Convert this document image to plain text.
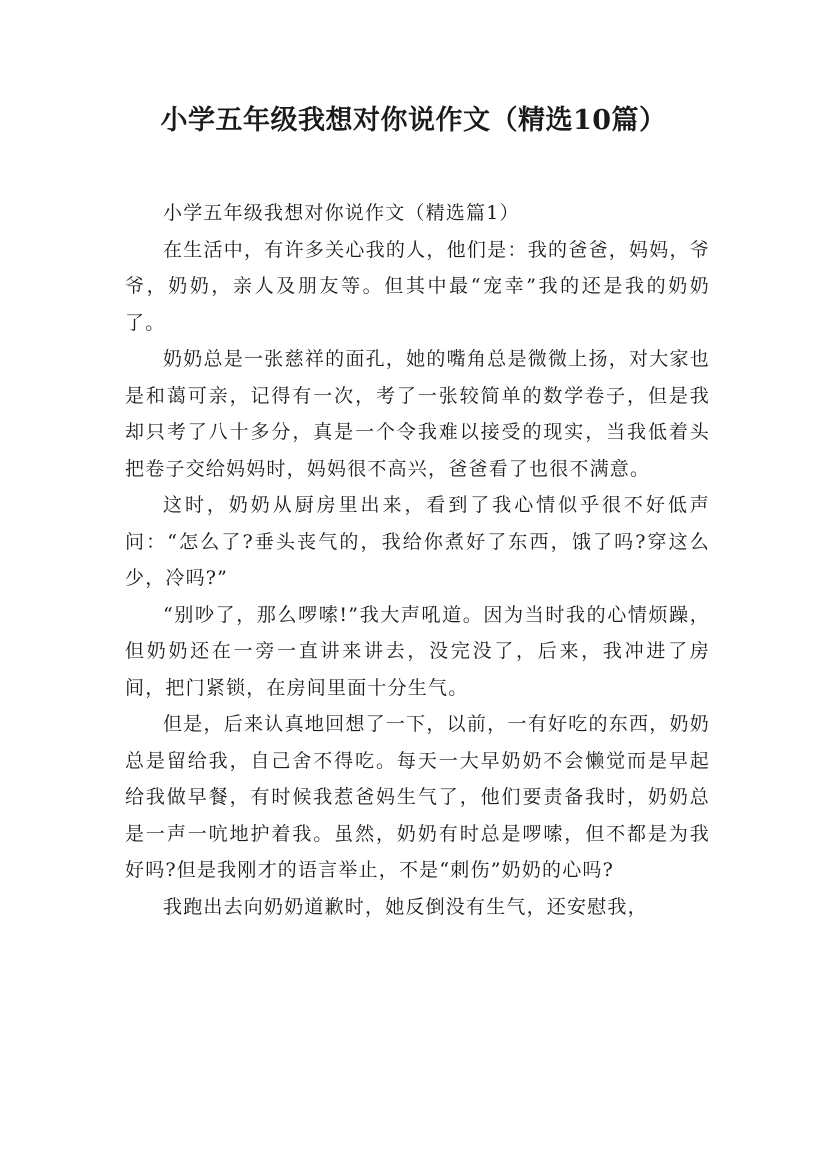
小学五年级我想对你说作文（精选10篇）

小学五年级我想对你说作文（精选篇1）

在生活中，有许多关心我的人，他们是：我的爸爸，妈妈，爷爷，奶奶，亲人及朋友等。但其中最“宠幸”我的还是我的奶奶了。

奶奶总是一张慈祥的面孔，她的嘴角总是微微上扬，对大家也是和蔼可亲，记得有一次，考了一张较简单的数学卷子，但是我却只考了八十多分，真是一个令我难以接受的现实，当我低着头把卷子交给妈妈时，妈妈很不高兴，爸爸看了也很不满意。

这时，奶奶从厨房里出来，看到了我心情似乎很不好低声问：“怎么了?垂头丧气的，我给你煮好了东西，饿了吗?穿这么少，冷吗?”

“别吵了，那么啰嗦!”我大声吼道。因为当时我的心情烦躁，但奶奶还在一旁一直讲来讲去，没完没了，后来，我冲进了房间，把门紧锁，在房间里面十分生气。

但是，后来认真地回想了一下，以前，一有好吃的东西，奶奶总是留给我，自己舍不得吃。每天一大早奶奶不会懒觉而是早起给我做早餐，有时候我惹爸妈生气了，他们要责备我时，奶奶总是一声一吭地护着我。虽然，奶奶有时总是啰嗦，但不都是为我好吗?但是我刚才的语言举止，不是“刺伤”奶奶的心吗?

我跑出去向奶奶道歉时，她反倒没有生气，还安慰我，
